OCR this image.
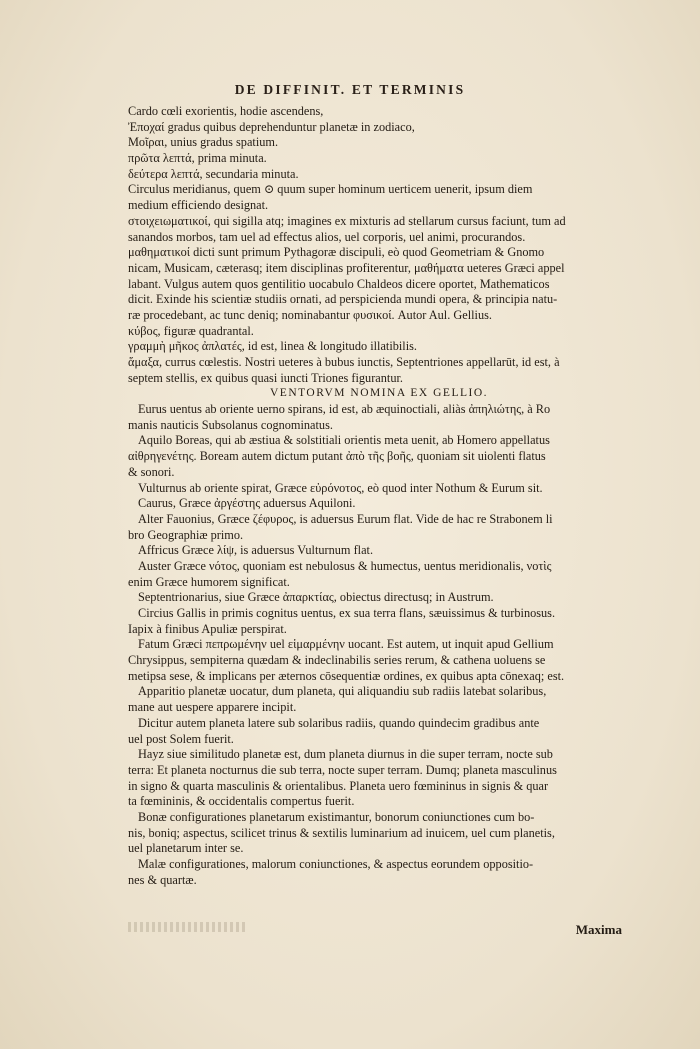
DE DIFFINIT. ET TERMINIS
Cardo cœli exorientis, hodie ascendens,
Ἐποχαί gradus quibus deprehenduntur planetæ in zodiaco,
Μοῖραι, unius gradus spatium.
πρῶτα λεπτά, prima minuta.
δεύτερα λεπτά, secundaria minuta.
Circulus meridianus, quem ⊙ quum super hominum uerticem uenerit, ipsum diem
medium efficiendo designat.
στοιχειωματικοί, qui sigilla atq; imagines ex mixturis ad stellarum cursus faciunt, tum ad
sanandos morbos, tam uel ad effectus alios, uel corporis, uel animi, procurandos.
μαθηματικοί dicti sunt primum Pythagoræ discipuli, eò quod Geometriam & Gnomo
nicam, Musicam, cæterasq; item disciplinas profiterentur, μαθήματα ueteres Græci appel
labant. Vulgus autem quos gentilitio uocabulo Chaldeos dicere oportet, Mathematicos
dicit. Exinde his scientiæ studiis ornati, ad perspicienda mundi opera, & principia natu-
ræ procedebant, ac tunc deniq; nominabantur φυσικοί. Autor Aul. Gellius.
κύβος, figuræ quadrantal.
γραμμὴ μῆκος ἀπλατές, id est, linea & longitudo illatibilis.
ἅμαξα, currus cœlestis. Nostri ueteres à bubus iunctis, Septentriones appellarūt, id est, à
septem stellis, ex quibus quasi iuncti Triones figurantur.
VENTORVM NOMINA EX GELLIO.
Eurus uentus ab oriente uerno spirans, id est, ab æquinoctiali, aliàs ἀπηλιώτης, à Ro
manis nauticis Subsolanus cognominatus.
Aquilo Boreas, qui ab æstiua & solstitiali orientis meta uenit, ab Homero appellatus
αἰθρηγενέτης. Boream autem dictum putant ἀπὸ τῆς βοῆς, quoniam sit uiolenti flatus
& sonori.
Vulturnus ab oriente spirat, Græce εὐρόνοτος, eò quod inter Nothum & Eurum sit.
Caurus, Græce ἀργέστης aduersus Aquiloni.
Alter Fauonius, Græce ζέφυρος, is aduersus Eurum flat. Vide de hac re Strabonem li
bro Geographiæ primo.
Affricus Græce λίψ, is aduersus Vulturnum flat.
Auster Græce νότος, quoniam est nebulosus & humectus, uentus meridionalis, νοτὶς
enim Græce humorem significat.
Septentrionarius, siue Græce ἀπαρκτίας, obiectus directusq; in Austrum.
Circius Gallis in primis cognitus uentus, ex sua terra flans, sæuissimus & turbinosus.
Iapix à finibus Apuliæ perspirat.
Fatum Græci πεπρωμένην uel εἱμαρμένην uocant. Est autem, ut inquit apud Gellium
Chrysippus, sempiterna quædam & indeclinabilis series rerum, & cathena uoluens se
metipsa sese, & implicans per æternos cōsequentiæ ordines, ex quibus apta cōnexaq; est.
Apparitio planetæ uocatur, dum planeta, qui aliquandiu sub radiis latebat solaribus,
mane aut uespere apparere incipit.
Dicitur autem planeta latere sub solaribus radiis, quando quindecim gradibus ante
uel post Solem fuerit.
Hayz siue similitudo planetæ est, dum planeta diurnus in die super terram, nocte sub
terra: Et planeta nocturnus die sub terra, nocte super terram. Dumq; planeta masculinus
in signo & quarta masculinis & orientalibus. Planeta uero fœmininus in signis & quar
ta fœmininis, & occidentalis compertus fuerit.
Bonæ configurationes planetarum existimantur, bonorum coniunctiones cum bo-
nis, boniq; aspectus, scilicet trinus & sextilis luminarium ad inuicem, uel cum planetis,
uel planetarum inter se.
Malæ configurationes, malorum coniunctiones, & aspectus eorundem oppositio-
nes & quartæ.
Maxima
